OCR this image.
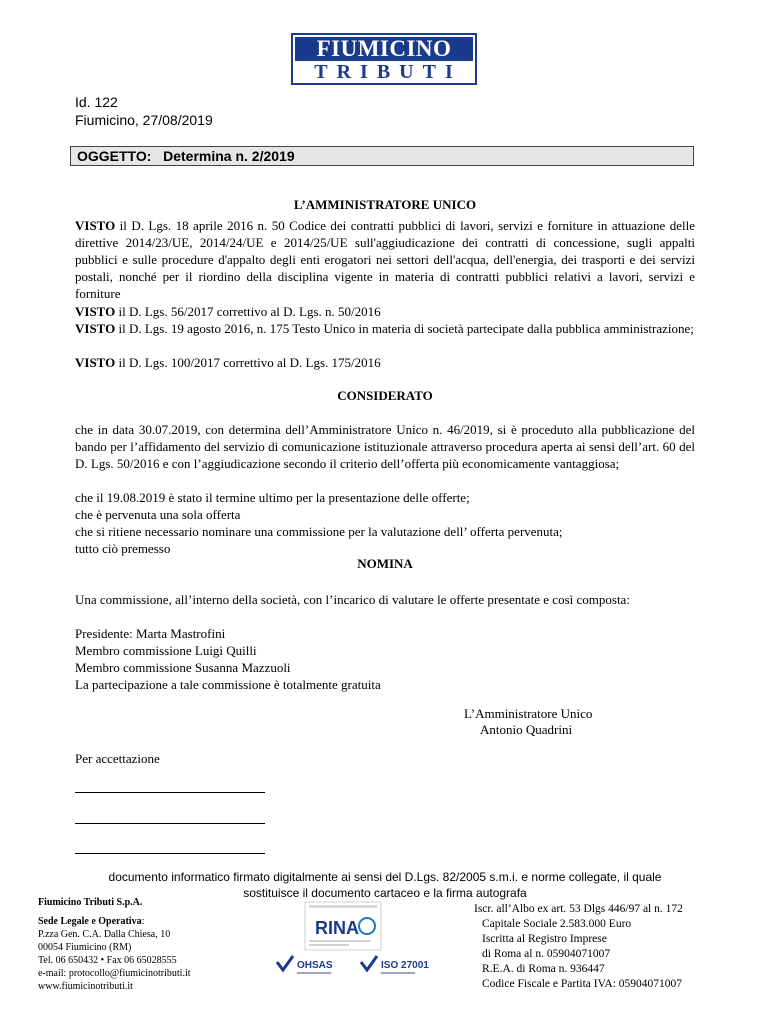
FIUMICINO
TRIBUTI
Id. 122
Fiumicino, 27/08/2019
OGGETTO: Determina n. 2/2019
L’AMMINISTRATORE UNICO
VISTO il D. Lgs. 18 aprile 2016 n. 50 Codice dei contratti pubblici di lavori, servizi e forniture in attuazione delle direttive 2014/23/UE, 2014/24/UE e 2014/25/UE sull'aggiudicazione dei contratti di concessione, sugli appalti pubblici e sulle procedure d'appalto degli enti erogatori nei settori dell'acqua, dell'energia, dei trasporti e dei servizi postali, nonché per il riordino della disciplina vigente in materia di contratti pubblici relativi a lavori, servizi e forniture
VISTO il D. Lgs. 56/2017 correttivo al D. Lgs. n. 50/2016
VISTO il D. Lgs. 19 agosto 2016, n. 175 Testo Unico in materia di società partecipate dalla pubblica amministrazione;
VISTO il D. Lgs. 100/2017 correttivo al D. Lgs. 175/2016
CONSIDERATO
che in data 30.07.2019, con determina dell’Amministratore Unico n. 46/2019, si è proceduto alla pubblicazione del bando per l’affidamento del servizio di comunicazione istituzionale attraverso procedura aperta ai sensi dell’art. 60 del D. Lgs. 50/2016 e con l’aggiudicazione secondo il criterio dell’offerta più economicamente vantaggiosa;
che il 19.08.2019 è stato il termine ultimo per la presentazione delle offerte;
che è pervenuta una sola offerta
che si ritiene necessario nominare una commissione per la valutazione dell’ offerta pervenuta;
tutto ciò premesso
NOMINA
Una commissione, all’interno della società, con l’incarico di valutare le offerte presentate e così composta:
Presidente: Marta Mastrofini
Membro commissione Luigi Quilli
Membro commissione Susanna Mazzuoli
La partecipazione a tale commissione è totalmente gratuita
L’Amministratore Unico
Antonio Quadrini
Per accettazione
documento informatico firmato digitalmente ai sensi del D.Lgs. 82/2005 s.m.i. e norme collegate, il quale sostituisce il documento cartaceo e la firma autografa
Fiumicino Tributi S.p.A.
Sede Legale e Operativa:
P.zza Gen. C.A. Dalla Chiesa, 10
00054 Fiumicino (RM)
Tel. 06 650432 • Fax 06 65028555
e-mail: protocollo@fiumicinotributi.it
www.fiumicinotributi.it
RINA
OHSAS	ISO 27001
Iscr. all’Albo ex art. 53 Dlgs 446/97 al n. 172
Capitale Sociale 2.583.000 Euro
Iscritta al Registro Imprese
di Roma al n. 05904071007
R.E.A. di Roma n. 936447
Codice Fiscale e Partita IVA: 05904071007
